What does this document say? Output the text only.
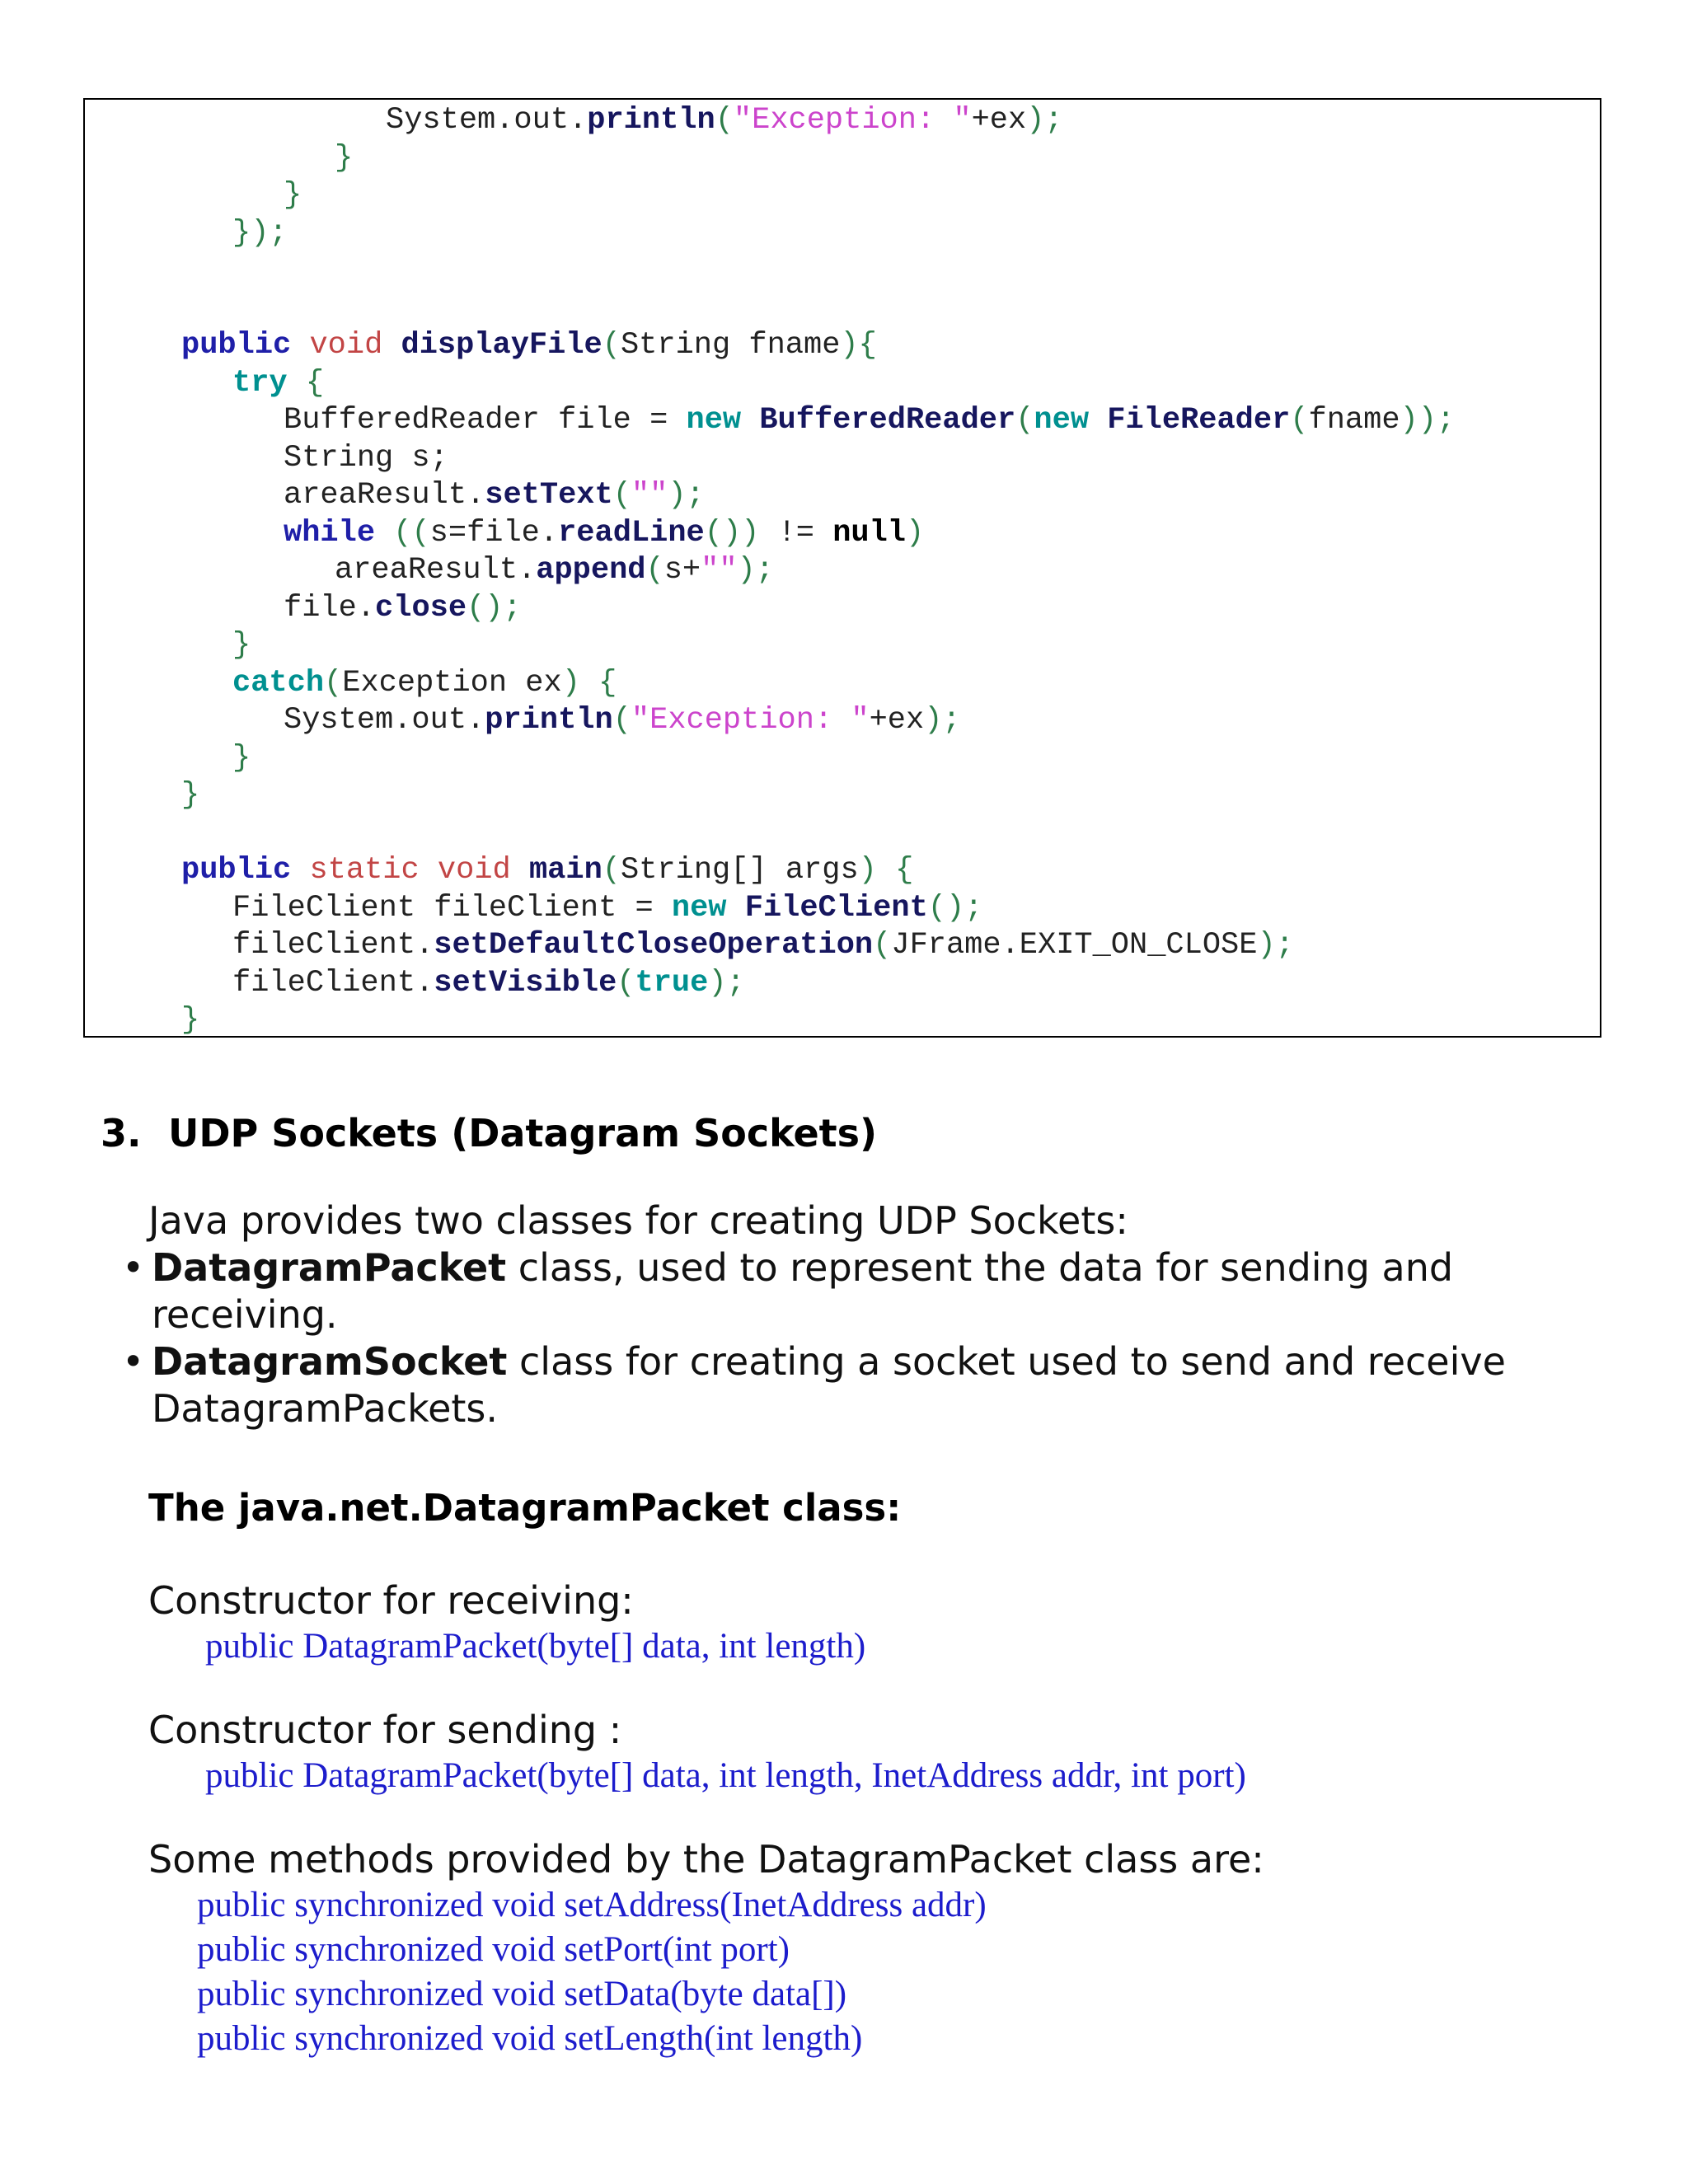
System.out.println("Exception: "+ex);
}
}
});
public void displayFile(String fname){
try {
BufferedReader file = new BufferedReader(new FileReader(fname));
String s;
areaResult.setText("");
while ((s=file.readLine()) != null)
areaResult.append(s+"");
file.close();
}
catch(Exception ex) {
System.out.println("Exception: "+ex);
}
}
public static void main(String[] args) {
FileClient fileClient = new FileClient();
fileClient.setDefaultCloseOperation(JFrame.EXIT_ON_CLOSE);
fileClient.setVisible(true);
}
3. UDP Sockets (Datagram Sockets)
Java provides two classes for creating UDP Sockets:
• DatagramPacket class, used to represent the data for sending and receiving.
• DatagramSocket class for creating a socket used to send and receive DatagramPackets.
The java.net.DatagramPacket class:
Constructor for receiving:
public DatagramPacket(byte[] data, int length)
Constructor for sending :
public DatagramPacket(byte[] data, int length, InetAddress addr, int port)
Some methods provided by the DatagramPacket class are:
public synchronized void setAddress(InetAddress addr)
public synchronized void setPort(int port)
public synchronized void setData(byte data[])
public synchronized void setLength(int length)
